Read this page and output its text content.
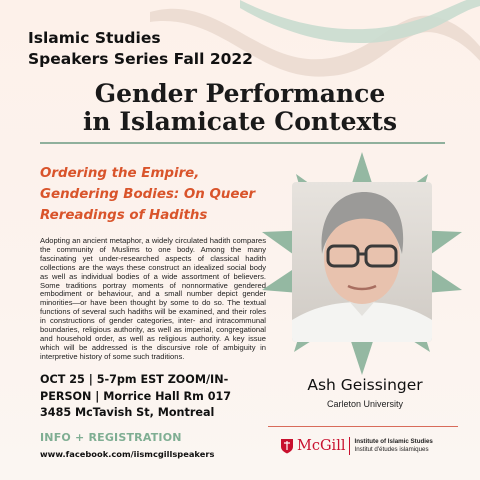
Islamic Studies
Speakers Series Fall 2022
Gender Performance
in Islamicate Contexts
Ordering the Empire,
Gendering Bodies: On Queer
Rereadings of Hadiths

Adopting an ancient metaphor, a widely circulated hadith compares the community of Muslims to one body. Among the many fascinating yet under-researched aspects of classical hadith collections are the ways these construct an idealized social body as well as individual bodies of a wide assortment of believers. Some traditions portray moments of nonnormative gendered embodiment or behaviour, and a small number depict gender minorities—or have been thought by some to do so. The textual functions of several such hadiths will be examined, and their roles in constructions of gender categories, inter- and intracommunal boundaries, religious authority, as well as imperial, congregational and household order, as well as religious authority. A key issue which will be addressed is the discursive role of ambiguity in interpretive history of some such traditions.

OCT 25 | 5-7pm EST ZOOM/IN-
PERSON | Morrice Hall Rm 017
3485 McTavish St, Montreal
INFO + REGISTRATION
www.facebook.com/iismcgillspeakers
Ash Geissinger
Carleton University
McGill Institute of Islamic Studies
Institut d'études islamiques
